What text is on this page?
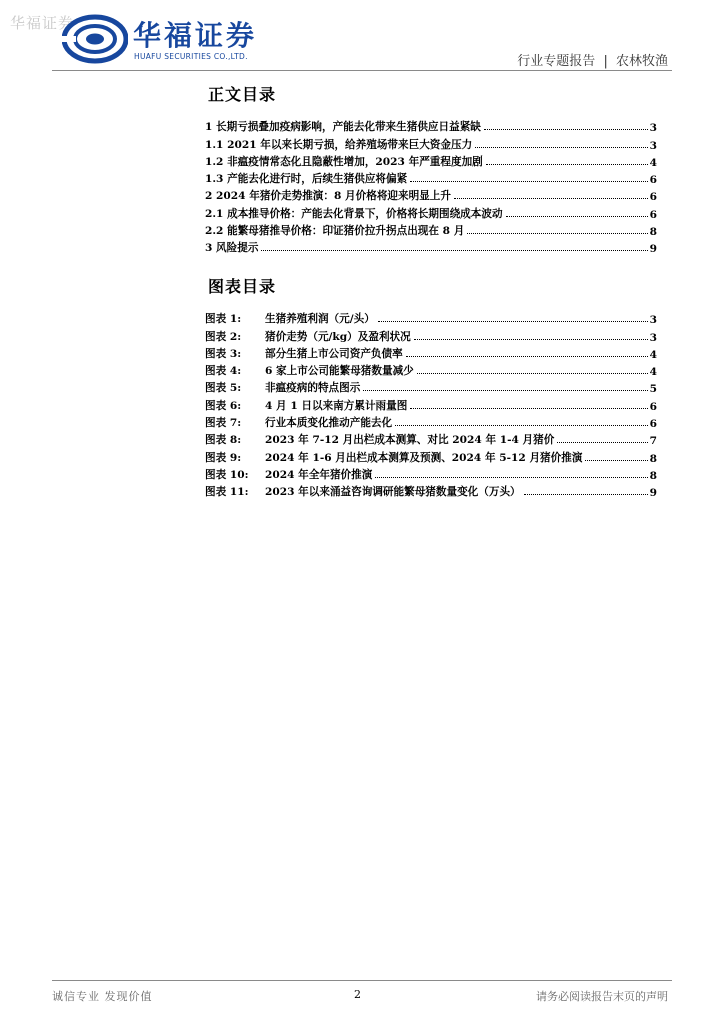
华福证券 华福证券
HUAFU SECURITIES CO.,LTD.	行业专题报告 | 农林牧渔
正文目录
1 长期亏损叠加疫病影响，产能去化带来生猪供应日益紧缺	3
1.1 2021 年以来长期亏损，给养殖场带来巨大资金压力	3
1.2 非瘟疫情常态化且隐蔽性增加，2023 年严重程度加剧	4
1.3 产能去化进行时，后续生猪供应将偏紧	6
2 2024 年猪价走势推演：8 月价格将迎来明显上升	6
2.1 成本推导价格：产能去化背景下，价格将长期围绕成本波动	6
2.2 能繁母猪推导价格：印证猪价拉升拐点出现在 8 月	8
3 风险提示	9
图表目录
图表 1:	生猪养殖利润（元/头）	3
图表 2:	猪价走势（元/kg）及盈利状况	3
图表 3:	部分生猪上市公司资产负债率	4
图表 4:	6 家上市公司能繁母猪数量减少	4
图表 5:	非瘟疫病的特点图示	5
图表 6:	4 月 1 日以来南方累计雨量图	6
图表 7:	行业本质变化推动产能去化	6
图表 8:	2023 年 7-12 月出栏成本测算、对比 2024 年 1-4 月猪价	7
图表 9:	2024 年 1-6 月出栏成本测算及预测、2024 年 5-12 月猪价推演	8
图表 10:	2024 年全年猪价推演	8
图表 11:	2023 年以来涌益咨询调研能繁母猪数量变化（万头）	9
诚信专业 发现价值	2	请务必阅读报告末页的声明
